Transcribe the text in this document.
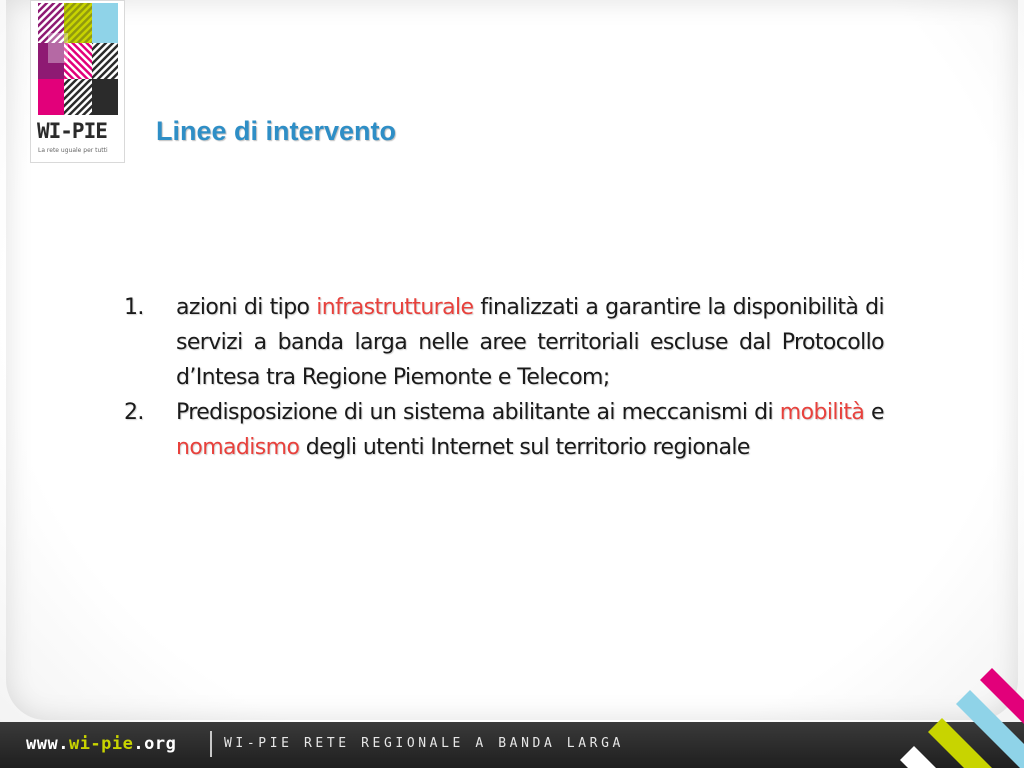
WI-PIE
La rete uguale per tutti
Linee di intervento
1. azioni di tipo infrastrutturale finalizzati a garantire la disponibilità di servizi a banda larga nelle aree territoriali escluse dal Protocollo d’Intesa tra Regione Piemonte e Telecom;
2. Predisposizione di un sistema abilitante ai meccanismi di mobilità e nomadismo degli utenti Internet sul territorio regionale
www.wi-pie.org	WI-PIE RETE REGIONALE A BANDA LARGA
